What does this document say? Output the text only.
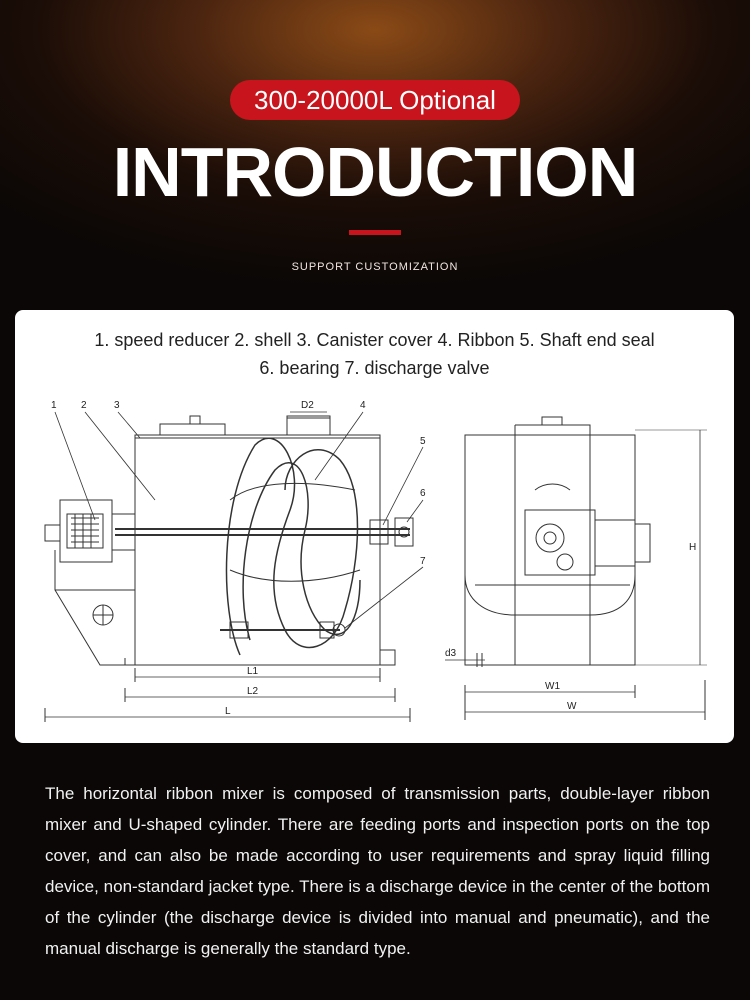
300-20000L Optional
INTRODUCTION
SUPPORT CUSTOMIZATION
1. speed reducer 2. shell 3. Canister cover 4. Ribbon 5. Shaft end seal
6. bearing 7. discharge valve
1 2	3	4
5
6
7
D2
d3
L1
L2
L
W1
W
H
The horizontal ribbon mixer is composed of transmission parts, double-layer ribbon mixer and U-shaped cylinder. There are feeding ports and inspection ports on the top cover, and can also be made according to user requirements and spray liquid filling device, non-standard jacket type. There is a discharge device in the center of the bottom of the cylinder (the discharge device is divided into manual and pneumatic), and the manual discharge is generally the standard type.
